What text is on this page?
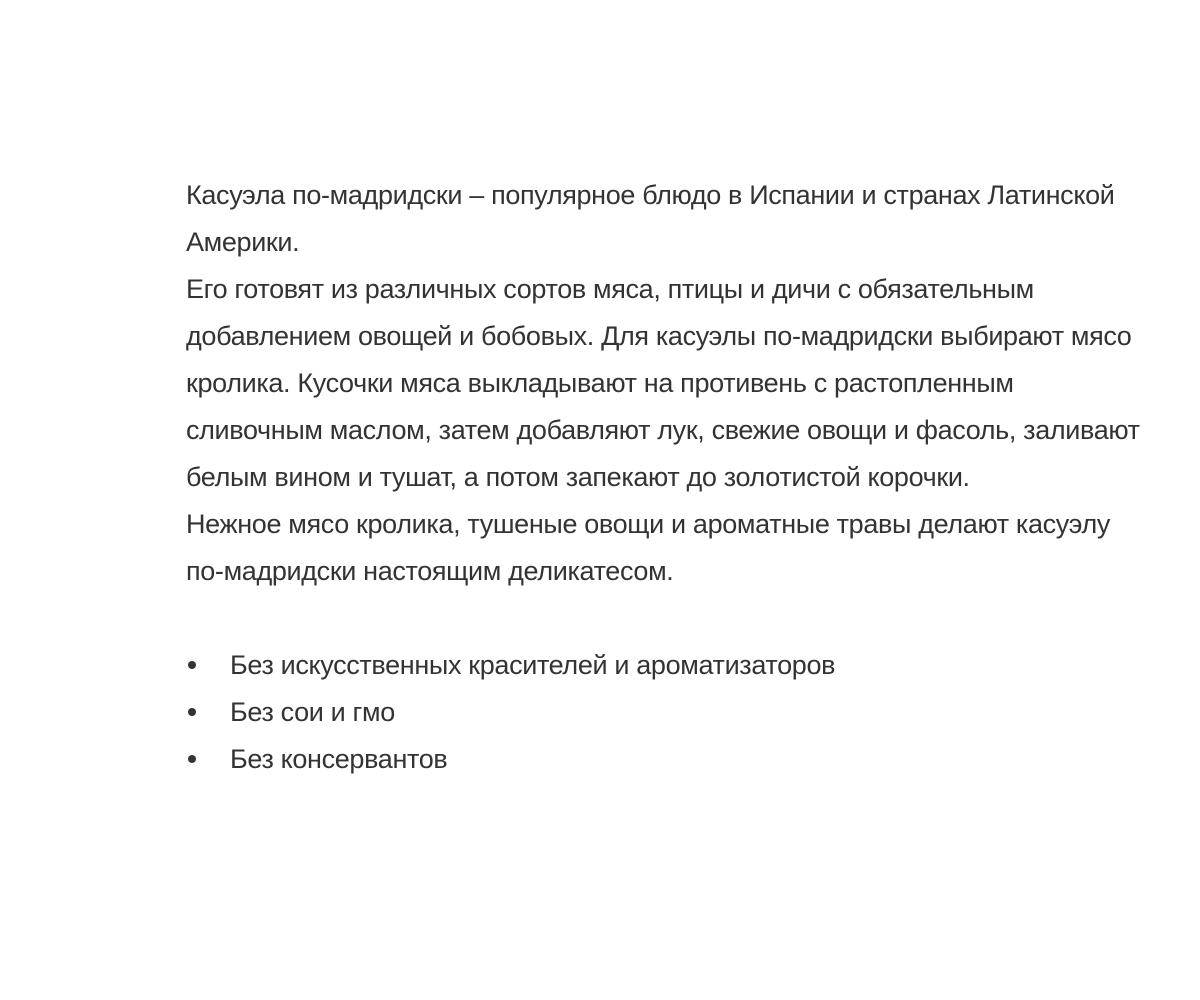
Касуэла по-мадридски – популярное блюдо в Испании и странах Латинской Америки.

Его готовят из различных сортов мяса, птицы и дичи с обязательным добавлением овощей и бобовых. Для касуэлы по-мадридски выбирают мясо кролика. Кусочки мяса выкладывают на противень с растопленным сливочным маслом, затем добавляют лук, свежие овощи и фасоль, заливают белым вином и тушат, а потом запекают до золотистой корочки.

Нежное мясо кролика, тушеные овощи и ароматные травы делают касуэлу по-мадридски настоящим деликатесом.

Без искусственных красителей и ароматизаторов
Без сои и гмо
Без консервантов
